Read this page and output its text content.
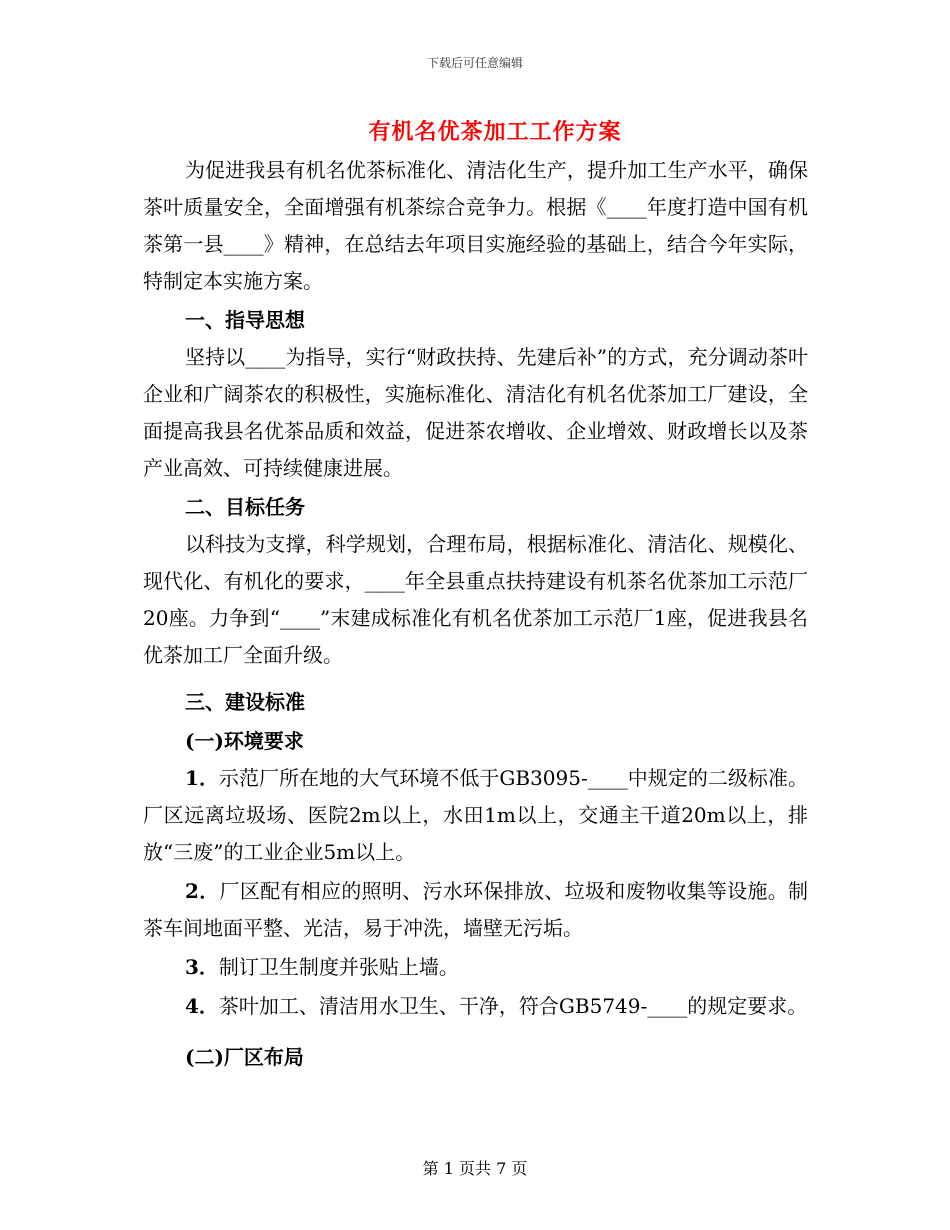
下载后可任意编辑
有机名优茶加工工作方案

为促进我县有机名优茶标准化、清洁化生产，提升加工生产水平，确保茶叶质量安全，全面增强有机茶综合竞争力。根据《____年度打造中国有机茶第一县____》精神，在总结去年项目实施经验的基础上，结合今年实际，特制定本实施方案。

一、指导思想

坚持以____为指导，实行“财政扶持、先建后补”的方式，充分调动茶叶企业和广阔茶农的积极性，实施标准化、清洁化有机名优茶加工厂建设，全面提高我县名优茶品质和效益，促进茶农增收、企业增效、财政增长以及茶产业高效、可持续健康进展。

二、目标任务

以科技为支撑，科学规划，合理布局，根据标准化、清洁化、规模化、现代化、有机化的要求，____年全县重点扶持建设有机茶名优茶加工示范厂20座。力争到“____”末建成标准化有机名优茶加工示范厂1座，促进我县名优茶加工厂全面升级。

三、建设标准

(一)环境要求

1．示范厂所在地的大气环境不低于GB3095-____中规定的二级标准。厂区远离垃圾场、医院2m以上，水田1m以上，交通主干道20m以上，排放“三废”的工业企业5m以上。

2．厂区配有相应的照明、污水环保排放、垃圾和废物收集等设施。制茶车间地面平整、光洁，易于冲洗，墙壁无污垢。

3．制订卫生制度并张贴上墙。

4．茶叶加工、清洁用水卫生、干净，符合GB5749-____的规定要求。

(二)厂区布局

第 1 页共 7 页
